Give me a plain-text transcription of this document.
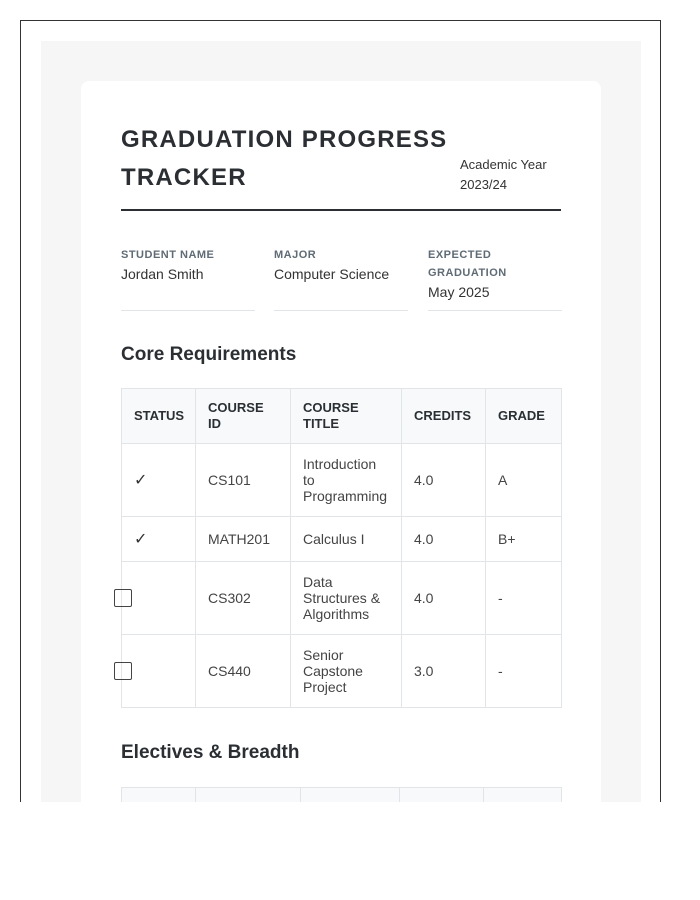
GRADUATION PROGRESS TRACKER	Academic Year 2023/24
STUDENT NAME
Jordan Smith
MAJOR
Computer Science
EXPECTED GRADUATION
May 2025
Core Requirements
STATUS	COURSE ID	COURSE TITLE	CREDITS	GRADE
✓	CS101	Introduction to Programming	4.0	A
✓	MATH201	Calculus I	4.0	B+
	CS302	Data Structures & Algorithms	4.0	-
	CS440	Senior Capstone Project	3.0	-
Electives & Breadth
